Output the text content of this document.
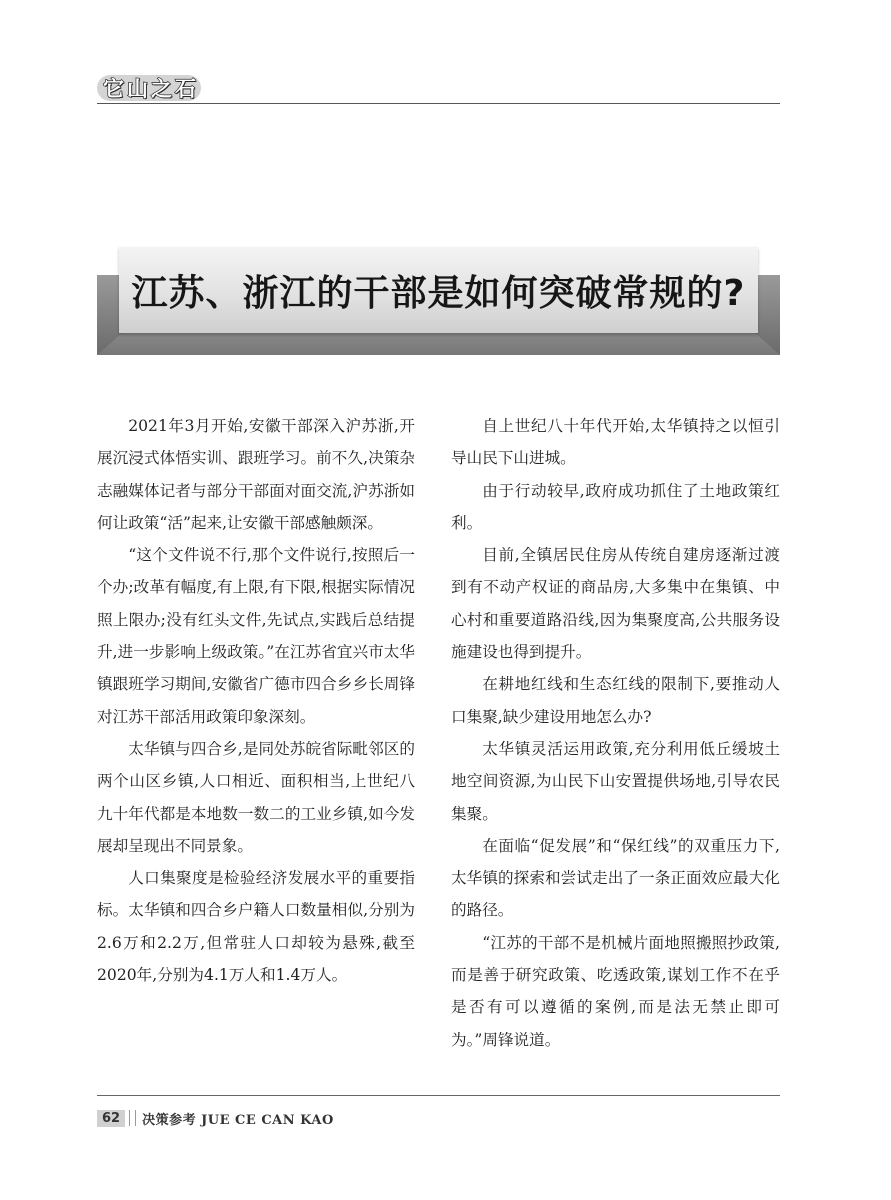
它山之石
江苏、浙江的干部是如何突破常规的?

2021年3月开始,安徽干部深入沪苏浙,开展沉浸式体悟实训、跟班学习。前不久,决策杂志融媒体记者与部分干部面对面交流,沪苏浙如何让政策“活”起来,让安徽干部感触颇深。

“这个文件说不行,那个文件说行,按照后一个办;改革有幅度,有上限,有下限,根据实际情况照上限办;没有红头文件,先试点,实践后总结提升,进一步影响上级政策。”在江苏省宜兴市太华镇跟班学习期间,安徽省广德市四合乡乡长周锋对江苏干部活用政策印象深刻。

太华镇与四合乡,是同处苏皖省际毗邻区的两个山区乡镇,人口相近、面积相当,上世纪八九十年代都是本地数一数二的工业乡镇,如今发展却呈现出不同景象。

人口集聚度是检验经济发展水平的重要指标。太华镇和四合乡户籍人口数量相似,分别为2.6万和2.2万,但常驻人口却较为悬殊,截至2020年,分别为4.1万人和1.4万人。

自上世纪八十年代开始,太华镇持之以恒引导山民下山进城。

由于行动较早,政府成功抓住了土地政策红利。

目前,全镇居民住房从传统自建房逐渐过渡到有不动产权证的商品房,大多集中在集镇、中心村和重要道路沿线,因为集聚度高,公共服务设施建设也得到提升。

在耕地红线和生态红线的限制下,要推动人口集聚,缺少建设用地怎么办?

太华镇灵活运用政策,充分利用低丘缓坡土地空间资源,为山民下山安置提供场地,引导农民集聚。

在面临“促发展”和“保红线”的双重压力下,太华镇的探索和尝试走出了一条正面效应最大化的路径。

“江苏的干部不是机械片面地照搬照抄政策,而是善于研究政策、吃透政策,谋划工作不在乎是否有可以遵循的案例,而是法无禁止即可为。”周锋说道。

62	决策参考 JUE CE CAN KAO
